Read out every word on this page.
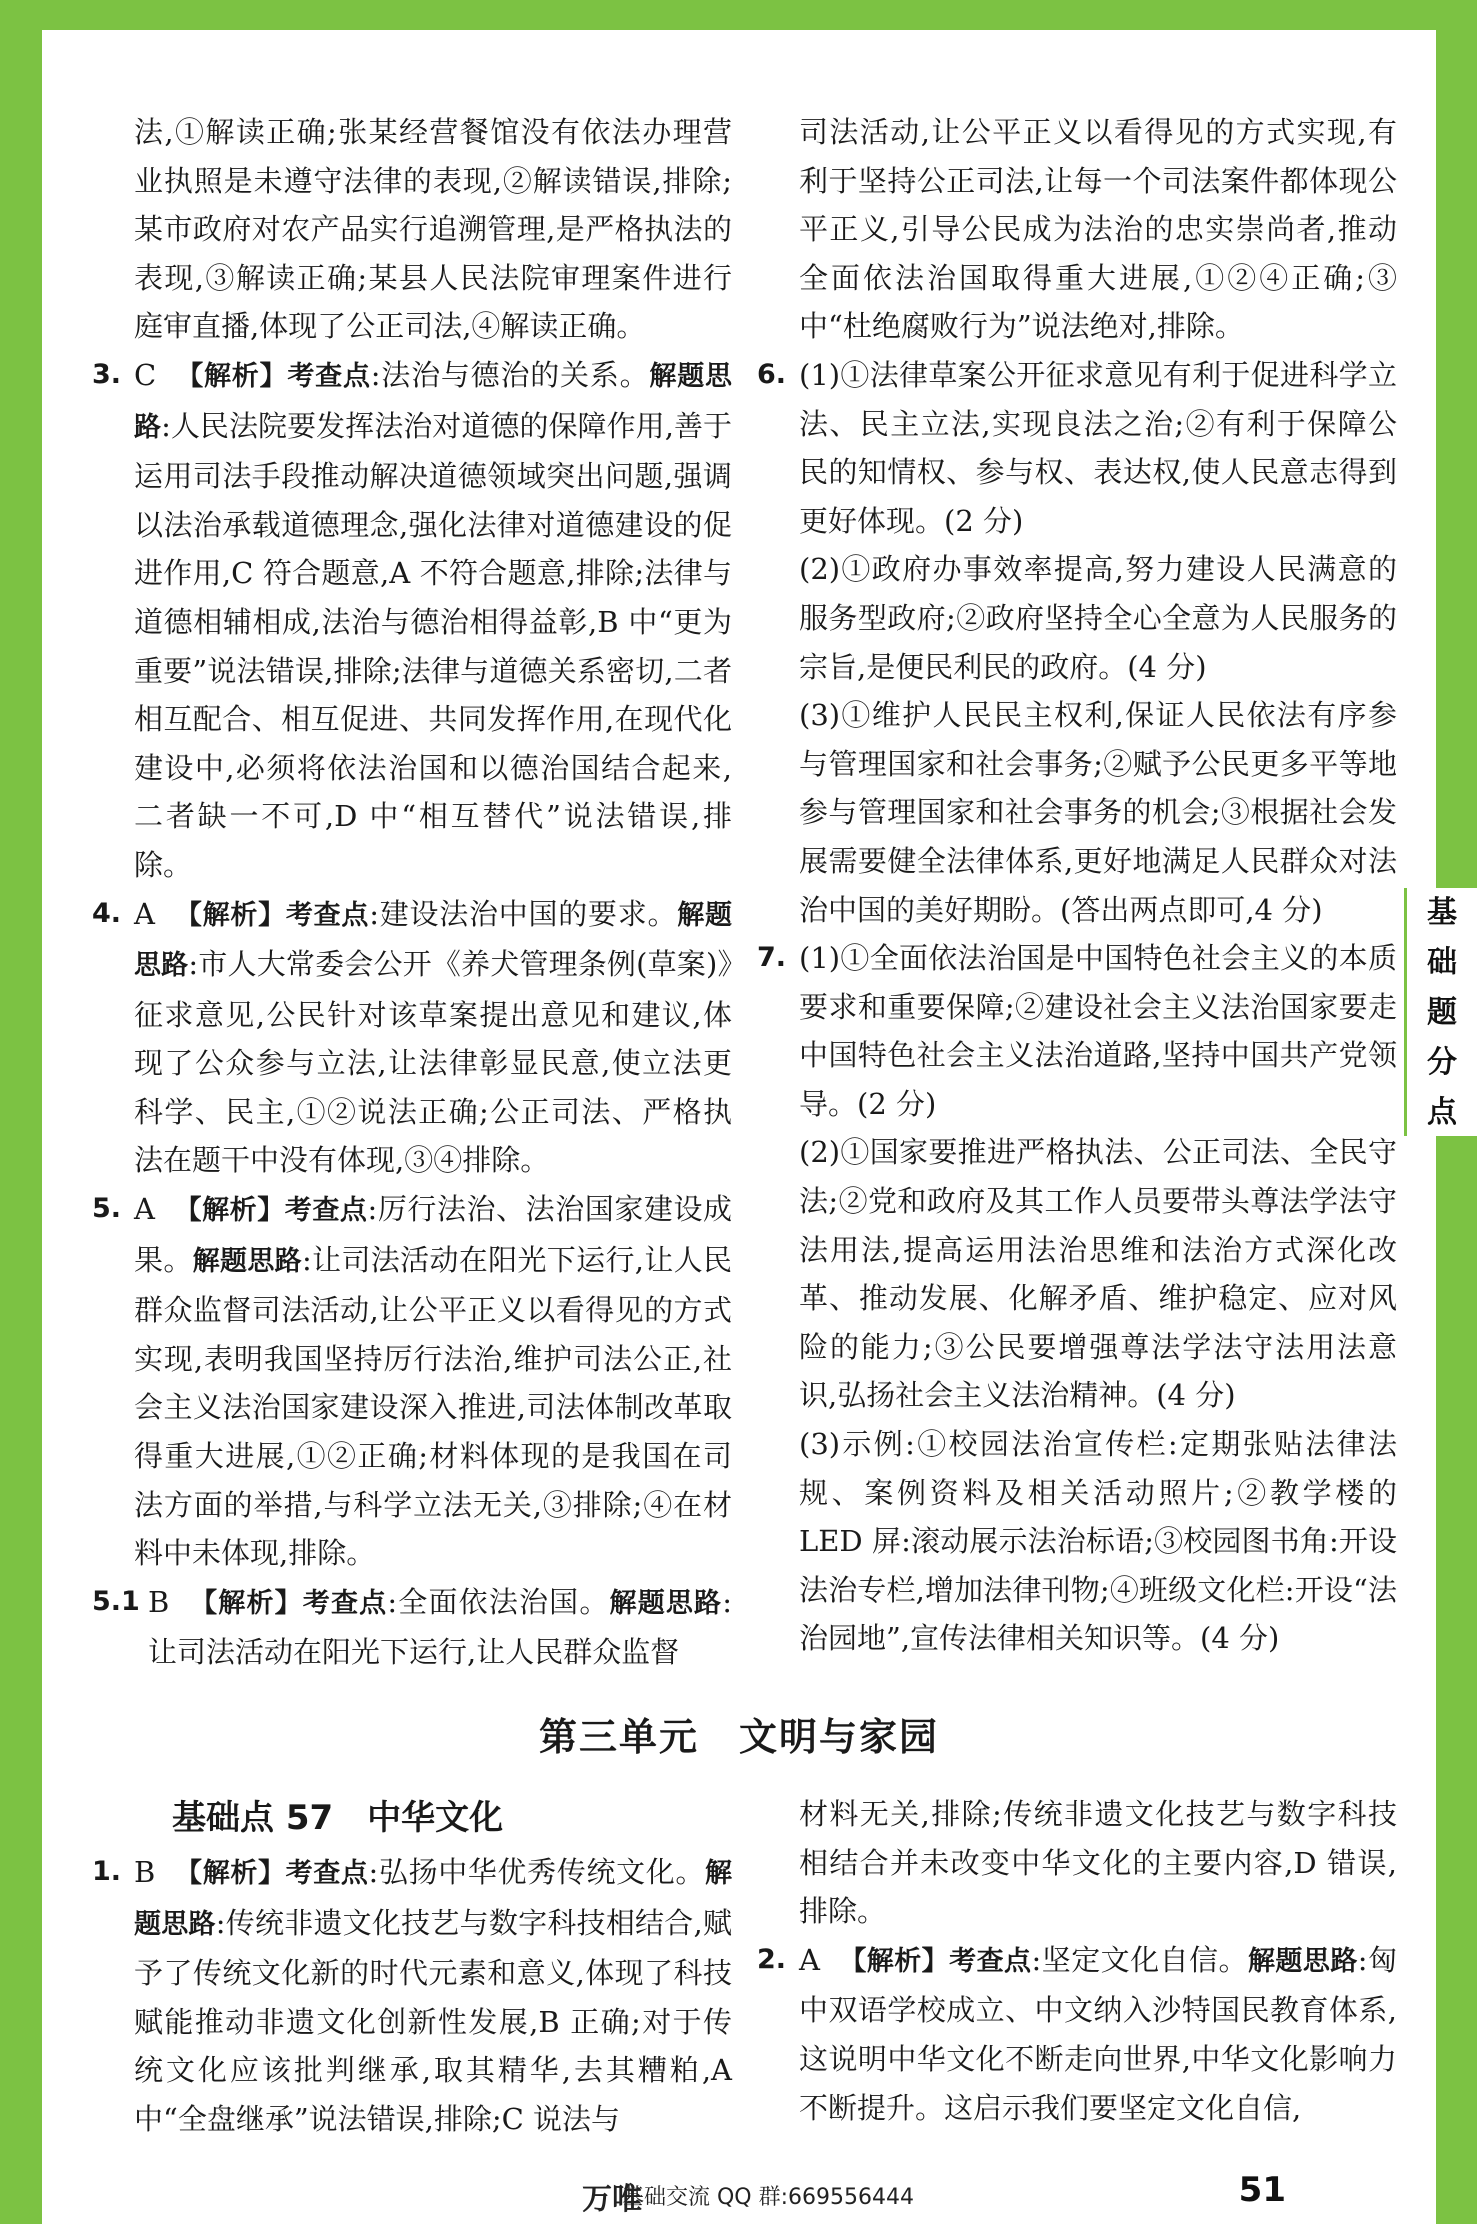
法,①解读正确;张某经营餐馆没有依法办理营业执照是未遵守法律的表现,②解读错误,排除;某市政府对农产品实行追溯管理,是严格执法的表现,③解读正确;某县人民法院审理案件进行庭审直播,体现了公正司法,④解读正确。

3. C 【解析】考查点:法治与德治的关系。解题思路:人民法院要发挥法治对道德的保障作用,善于运用司法手段推动解决道德领域突出问题,强调以法治承载道德理念,强化法律对道德建设的促进作用,C 符合题意,A 不符合题意,排除;法律与道德相辅相成,法治与德治相得益彰,B 中“更为重要”说法错误,排除;法律与道德关系密切,二者相互配合、相互促进、共同发挥作用,在现代化建设中,必须将依法治国和以德治国结合起来,二者缺一不可,D 中“相互替代”说法错误,排除。
4. A 【解析】考查点:建设法治中国的要求。解题思路:市人大常委会公开《养犬管理条例(草案)》征求意见,公民针对该草案提出意见和建议,体现了公众参与立法,让法律彰显民意,使立法更科学、民主,①②说法正确;公正司法、严格执法在题干中没有体现,③④排除。
5. A 【解析】考查点:厉行法治、法治国家建设成果。解题思路:让司法活动在阳光下运行,让人民群众监督司法活动,让公平正义以看得见的方式实现,表明我国坚持厉行法治,维护司法公正,社会主义法治国家建设深入推进,司法体制改革取得重大进展,①②正确;材料体现的是我国在司法方面的举措,与科学立法无关,③排除;④在材料中未体现,排除。
5.1 B 【解析】考查点:全面依法治国。解题思路:让司法活动在阳光下运行,让人民群众监督

司法活动,让公平正义以看得见的方式实现,有利于坚持公正司法,让每一个司法案件都体现公平正义,引导公民成为法治的忠实崇尚者,推动全面依法治国取得重大进展,①②④正确;③中“杜绝腐败行为”说法绝对,排除。

6. (1)①法律草案公开征求意见有利于促进科学立法、民主立法,实现良法之治;②有利于保障公民的知情权、参与权、表达权,使人民意志得到更好体现。(2 分)

(2)①政府办事效率提高,努力建设人民满意的服务型政府;②政府坚持全心全意为人民服务的宗旨,是便民利民的政府。(4 分)

(3)①维护人民民主权利,保证人民依法有序参与管理国家和社会事务;②赋予公民更多平等地参与管理国家和社会事务的机会;③根据社会发展需要健全法律体系,更好地满足人民群众对法治中国的美好期盼。(答出两点即可,4 分)

7. (1)①全面依法治国是中国特色社会主义的本质要求和重要保障;②建设社会主义法治国家要走中国特色社会主义法治道路,坚持中国共产党领导。(2 分)

(2)①国家要推进严格执法、公正司法、全民守法;②党和政府及其工作人员要带头尊法学法守法用法,提高运用法治思维和法治方式深化改革、推动发展、化解矛盾、维护稳定、应对风险的能力;③公民要增强尊法学法守法用法意识,弘扬社会主义法治精神。(4 分)

(3)示例:①校园法治宣传栏:定期张贴法律法规、案例资料及相关活动照片;②教学楼的 LED 屏:滚动展示法治标语;③校园图书角:开设法治专栏,增加法律刊物;④班级文化栏:开设“法治园地”,宣传法律相关知识等。(4 分)

第三单元　文明与家园
基础点 57　中华文化
1. B 【解析】考查点:弘扬中华优秀传统文化。解题思路:传统非遗文化技艺与数字科技相结合,赋予了传统文化新的时代元素和意义,体现了科技赋能推动非遗文化创新性发展,B 正确;对于传统文化应该批判继承,取其精华,去其糟粕,A 中“全盘继承”说法错误,排除;C 说法与

材料无关,排除;传统非遗文化技艺与数字科技相结合并未改变中华文化的主要内容,D 错误,排除。

2. A 【解析】考查点:坚定文化自信。解题思路:匈中双语学校成立、中文纳入沙特国民教育体系,这说明中华文化不断走向世界,中华文化影响力不断提升。这启示我们要坚定文化自信,
万唯
基础交流 QQ 群:669556444	51
基
础
题
分
点
